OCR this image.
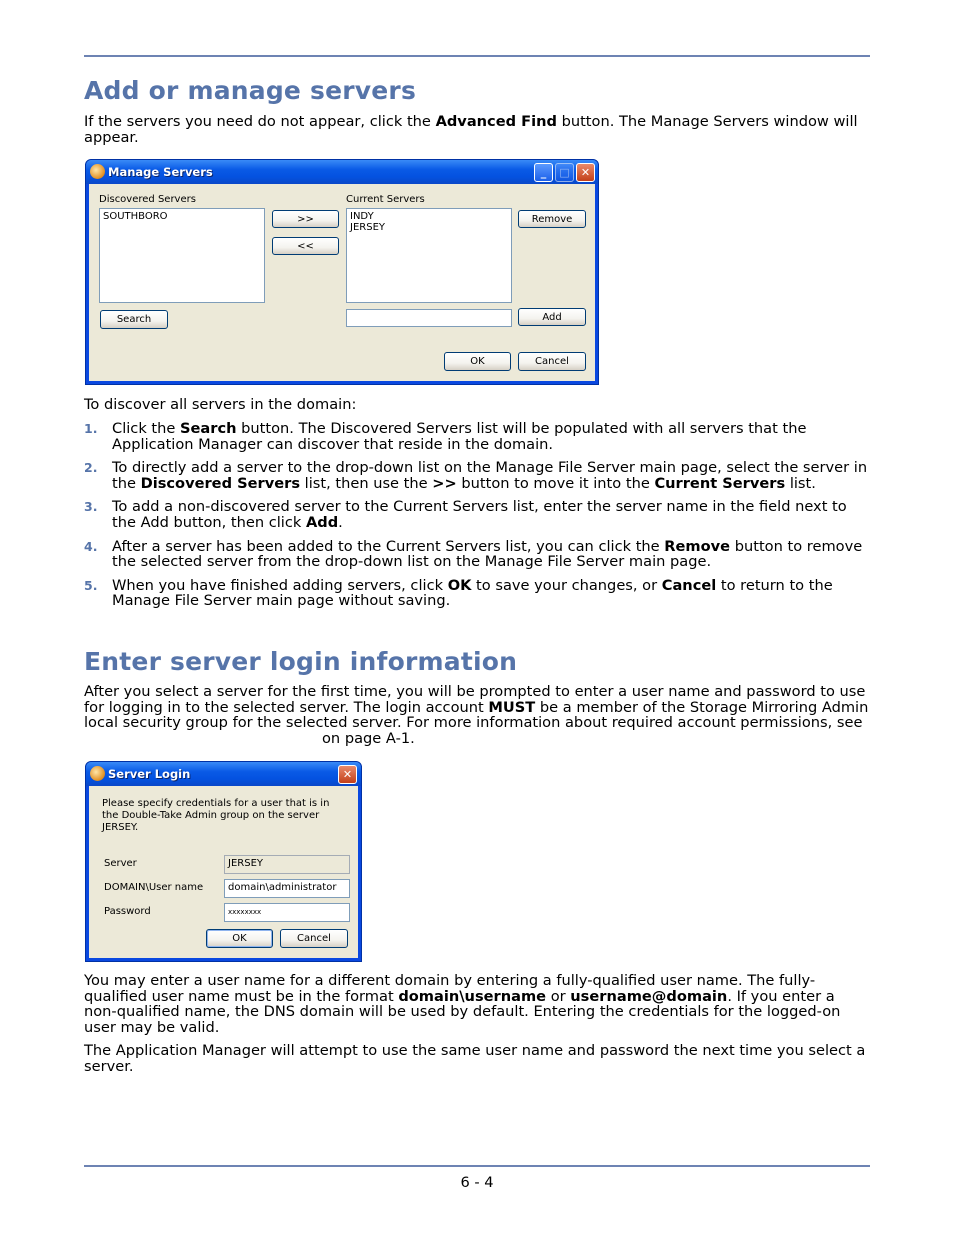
Add or manage servers

If the servers you need do not appear, click the Advanced Find button. The Manage Servers window will appear.

Manage Servers	_	□	✕
Discovered Servers
SOUTHBORO	>>
<<
Current Servers
INDY
JERSEY
Remove
Search	Add
OK	Cancel

To discover all servers in the domain:

1. Click the Search button. The Discovered Servers list will be populated with all servers that the Application Manager can discover that reside in the domain.
2. To directly add a server to the drop-down list on the Manage File Server main page, select the server in the Discovered Servers list, then use the >> button to move it into the Current Servers list.
3. To add a non-discovered server to the Current Servers list, enter the server name in the field next to the Add button, then click Add.
4. After a server has been added to the Current Servers list, you can click the Remove button to remove the selected server from the drop-down list on the Manage File Server main page.
5. When you have finished adding servers, click OK to save your changes, or Cancel to return to the Manage File Server main page without saving.
Enter server login information

After you select a server for the first time, you will be prompted to enter a user name and password to use for logging in to the selected server. The login account MUST be a member of the Storage Mirroring Admin local security group for the selected server. For more information about required account permissions, see on page A-1.

Server Login	✕
Please specify credentials for a user that is in the Double-Take Admin group on the server JERSEY.
Server	JERSEY
DOMAIN\User name	domain\administrator
Password	xxxxxxxx
OK	Cancel

You may enter a user name for a different domain by entering a fully-qualified user name. The fully-qualified user name must be in the format domain\username or username@domain. If you enter a non-qualified name, the DNS domain will be used by default. Entering the credentials for the logged-on user may be valid.

The Application Manager will attempt to use the same user name and password the next time you select a server.

6 - 4
